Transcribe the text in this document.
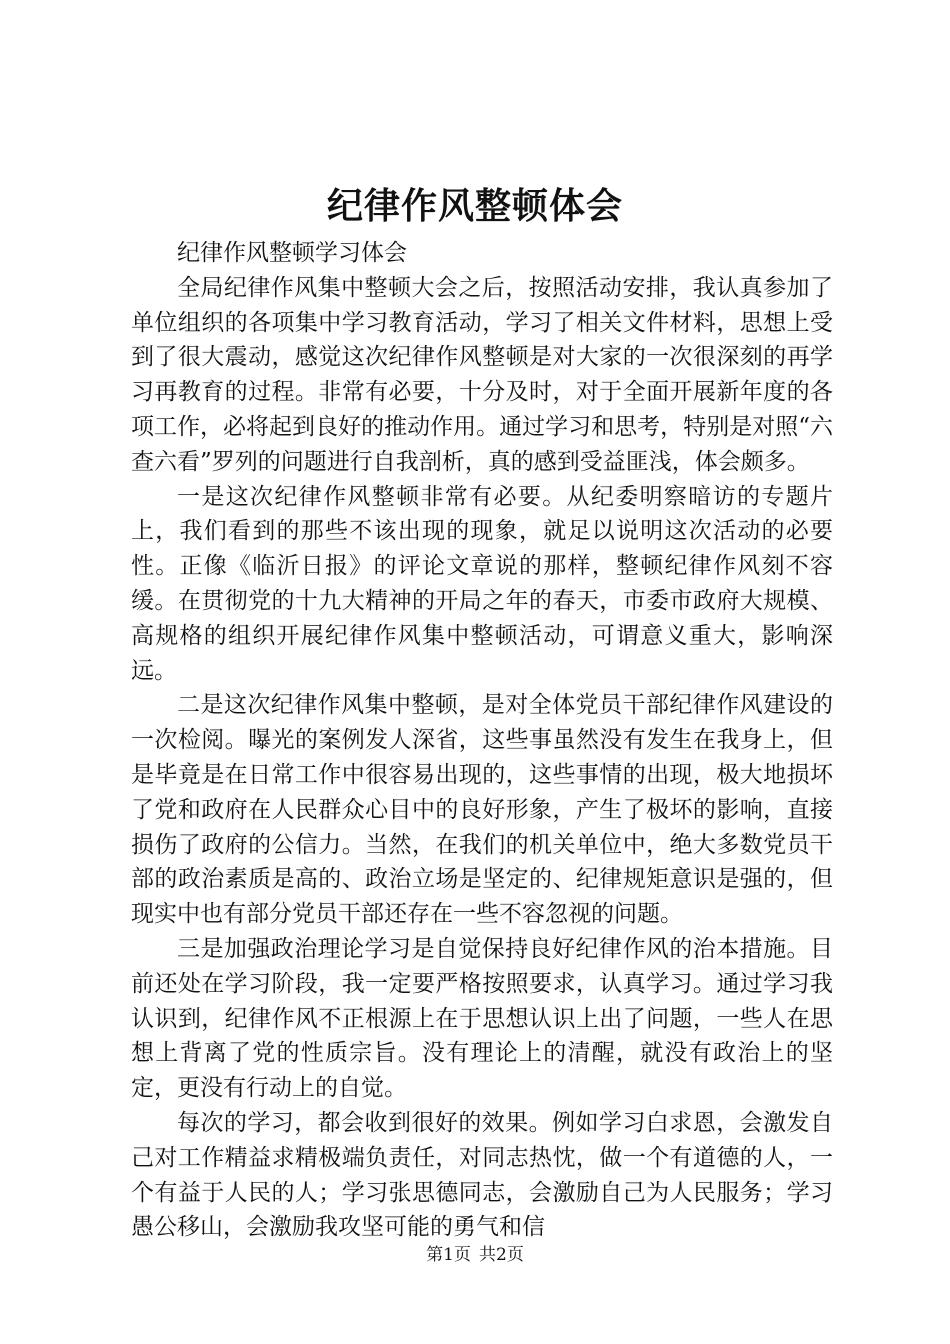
纪律作风整顿体会

纪律作风整顿学习体会

全局纪律作风集中整顿大会之后，按照活动安排，我认真参加了单位组织的各项集中学习教育活动，学习了相关文件材料，思想上受到了很大震动，感觉这次纪律作风整顿是对大家的一次很深刻的再学习再教育的过程。非常有必要，十分及时，对于全面开展新年度的各项工作，必将起到良好的推动作用。通过学习和思考，特别是对照“六查六看”罗列的问题进行自我剖析，真的感到受益匪浅，体会颇多。

一是这次纪律作风整顿非常有必要。从纪委明察暗访的专题片上，我们看到的那些不该出现的现象，就足以说明这次活动的必要性。正像《临沂日报》的评论文章说的那样，整顿纪律作风刻不容缓。在贯彻党的十九大精神的开局之年的春天，市委市政府大规模、高规格的组织开展纪律作风集中整顿活动，可谓意义重大，影响深远。

二是这次纪律作风集中整顿，是对全体党员干部纪律作风建设的一次检阅。曝光的案例发人深省，这些事虽然没有发生在我身上，但是毕竟是在日常工作中很容易出现的，这些事情的出现，极大地损坏了党和政府在人民群众心目中的良好形象，产生了极坏的影响，直接损伤了政府的公信力。当然，在我们的机关单位中，绝大多数党员干部的政治素质是高的、政治立场是坚定的、纪律规矩意识是强的，但现实中也有部分党员干部还存在一些不容忽视的问题。

三是加强政治理论学习是自觉保持良好纪律作风的治本措施。目前还处在学习阶段，我一定要严格按照要求，认真学习。通过学习我认识到，纪律作风不正根源上在于思想认识上出了问题，一些人在思想上背离了党的性质宗旨。没有理论上的清醒，就没有政治上的坚定，更没有行动上的自觉。

每次的学习，都会收到很好的效果。例如学习白求恩，会激发自己对工作精益求精极端负责任，对同志热忱，做一个有道德的人，一个有益于人民的人；学习张思德同志，会激励自己为人民服务；学习愚公移山，会激励我攻坚可能的勇气和信

第1页 共2页
